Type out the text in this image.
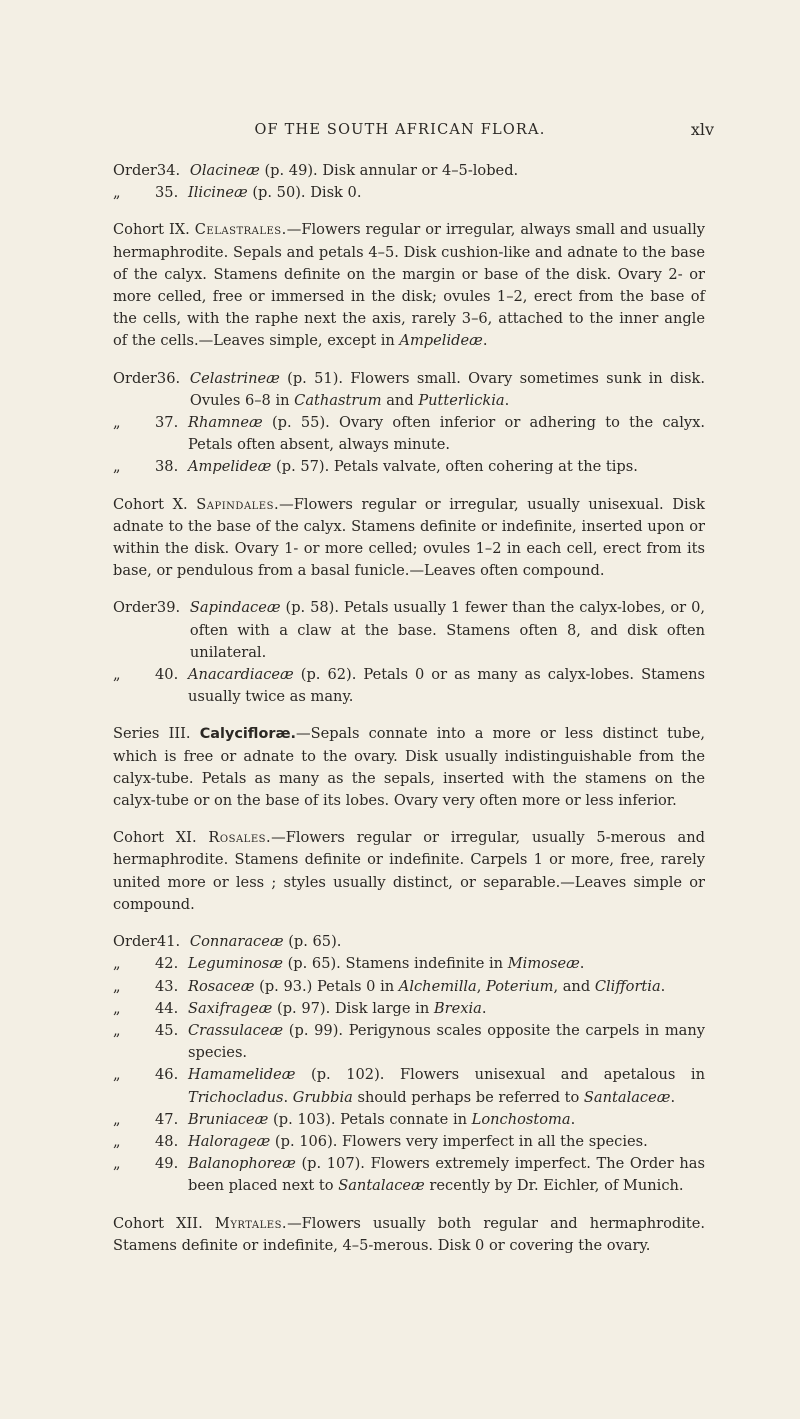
OF THE SOUTH AFRICAN FLORA.	xlv
Order 34. Olacineæ (p. 49). Disk annular or 4–5-lobed.
„	35. Ilicineæ (p. 50). Disk 0.

Cohort IX. Celastrales.—Flowers regular or irregular, always small and usually hermaphrodite. Sepals and petals 4–5. Disk cushion-like and adnate to the base of the calyx. Stamens definite on the margin or base of the disk. Ovary 2- or more celled, free or immersed in the disk; ovules 1–2, erect from the base of the cells, with the raphe next the axis, rarely 3–6, attached to the inner angle of the cells.—Leaves simple, except in Ampelideæ.

Order 36. Celastrineæ (p. 51). Flowers small. Ovary sometimes sunk in disk. Ovules 6–8 in Cathastrum and Putterlickia.
„	37. Rhamneæ (p. 55). Ovary often inferior or adhering to the calyx. Petals often absent, always minute.
„	38. Ampelideæ (p. 57). Petals valvate, often cohering at the tips.

Cohort X. Sapindales.—Flowers regular or irregular, usually unisexual. Disk adnate to the base of the calyx. Stamens definite or indefinite, inserted upon or within the disk. Ovary 1- or more celled; ovules 1–2 in each cell, erect from its base, or pendulous from a basal funicle.—Leaves often compound.

Order 39. Sapindaceæ (p. 58). Petals usually 1 fewer than the calyx-lobes, or 0, often with a claw at the base. Stamens often 8, and disk often unilateral.
„	40. Anacardiaceæ (p. 62). Petals 0 or as many as calyx-lobes. Stamens usually twice as many.

Series III. Calycifloræ.—Sepals connate into a more or less distinct tube, which is free or adnate to the ovary. Disk usually indistinguishable from the calyx-tube. Petals as many as the sepals, inserted with the stamens on the calyx-tube or on the base of its lobes. Ovary very often more or less inferior.

Cohort XI. Rosales.—Flowers regular or irregular, usually 5-merous and hermaphrodite. Stamens definite or indefinite. Carpels 1 or more, free, rarely united more or less ; styles usually distinct, or separable.—Leaves simple or compound.

Order 41. Connaraceæ (p. 65).
„	42. Leguminosæ (p. 65). Stamens indefinite in Mimoseæ.
„	43. Rosaceæ (p. 93.) Petals 0 in Alchemilla, Poterium, and Cliffortia.
„	44. Saxifrageæ (p. 97). Disk large in Brexia.
„	45. Crassulaceæ (p. 99). Perigynous scales opposite the carpels in many species.
„	46. Hamamelideæ (p. 102). Flowers unisexual and apetalous in Trichocladus. Grubbia should perhaps be referred to Santalaceæ.
„	47. Bruniaceæ (p. 103). Petals connate in Lonchostoma.
„	48. Halorageæ (p. 106). Flowers very imperfect in all the species.
„	49. Balanophoreæ (p. 107). Flowers extremely imperfect. The Order has been placed next to Santalaceæ recently by Dr. Eichler, of Munich.

Cohort XII. Myrtales.—Flowers usually both regular and hermaphrodite. Stamens definite or indefinite, 4–5-merous. Disk 0 or covering the ovary.
